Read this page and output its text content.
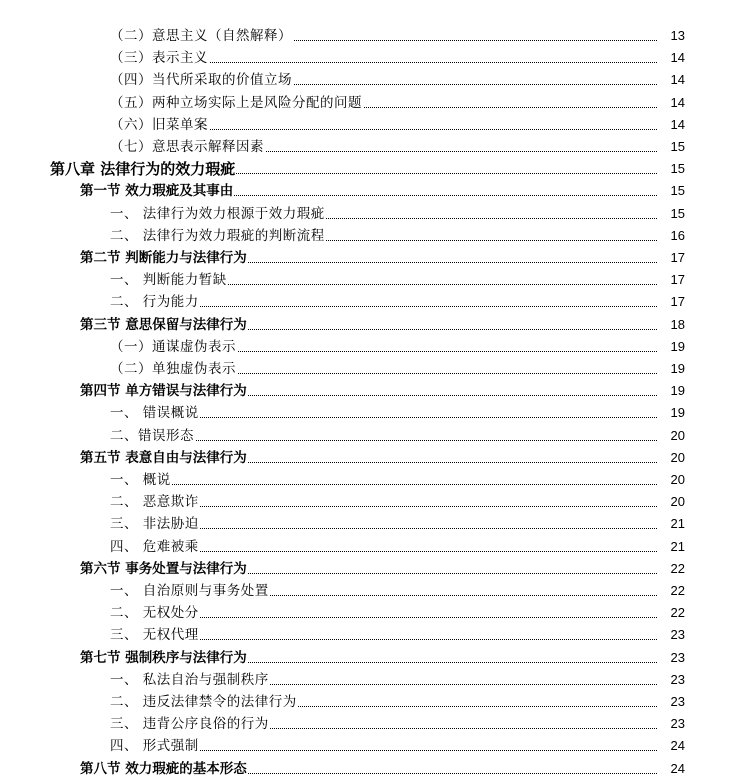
（二）意思主义（自然解释）	13
（三）表示主义	14
（四）当代所采取的价值立场	14
（五）两种立场实际上是风险分配的问题	14
（六）旧菜单案	14
（七）意思表示解释因素	15
第八章 法律行为的效力瑕疵	15
第一节 效力瑕疵及其事由	15
一、 法律行为效力根源于效力瑕疵	15
二、 法律行为效力瑕疵的判断流程	16
第二节 判断能力与法律行为	17
一、 判断能力暂缺	17
二、 行为能力	17
第三节 意思保留与法律行为	18
（一）通谋虚伪表示	19
（二）单独虚伪表示	19
第四节 单方错误与法律行为	19
一、 错误概说	19
二、错误形态	20
第五节 表意自由与法律行为	20
一、 概说	20
二、 恶意欺诈	20
三、 非法胁迫	21
四、 危难被乘	21
第六节 事务处置与法律行为	22
一、 自治原则与事务处置	22
二、 无权处分	22
三、 无权代理	23
第七节 强制秩序与法律行为	23
一、 私法自治与强制秩序	23
二、 违反法律禁令的法律行为	23
三、 违背公序良俗的行为	23
四、 形式强制	24
第八节 效力瑕疵的基本形态	24
